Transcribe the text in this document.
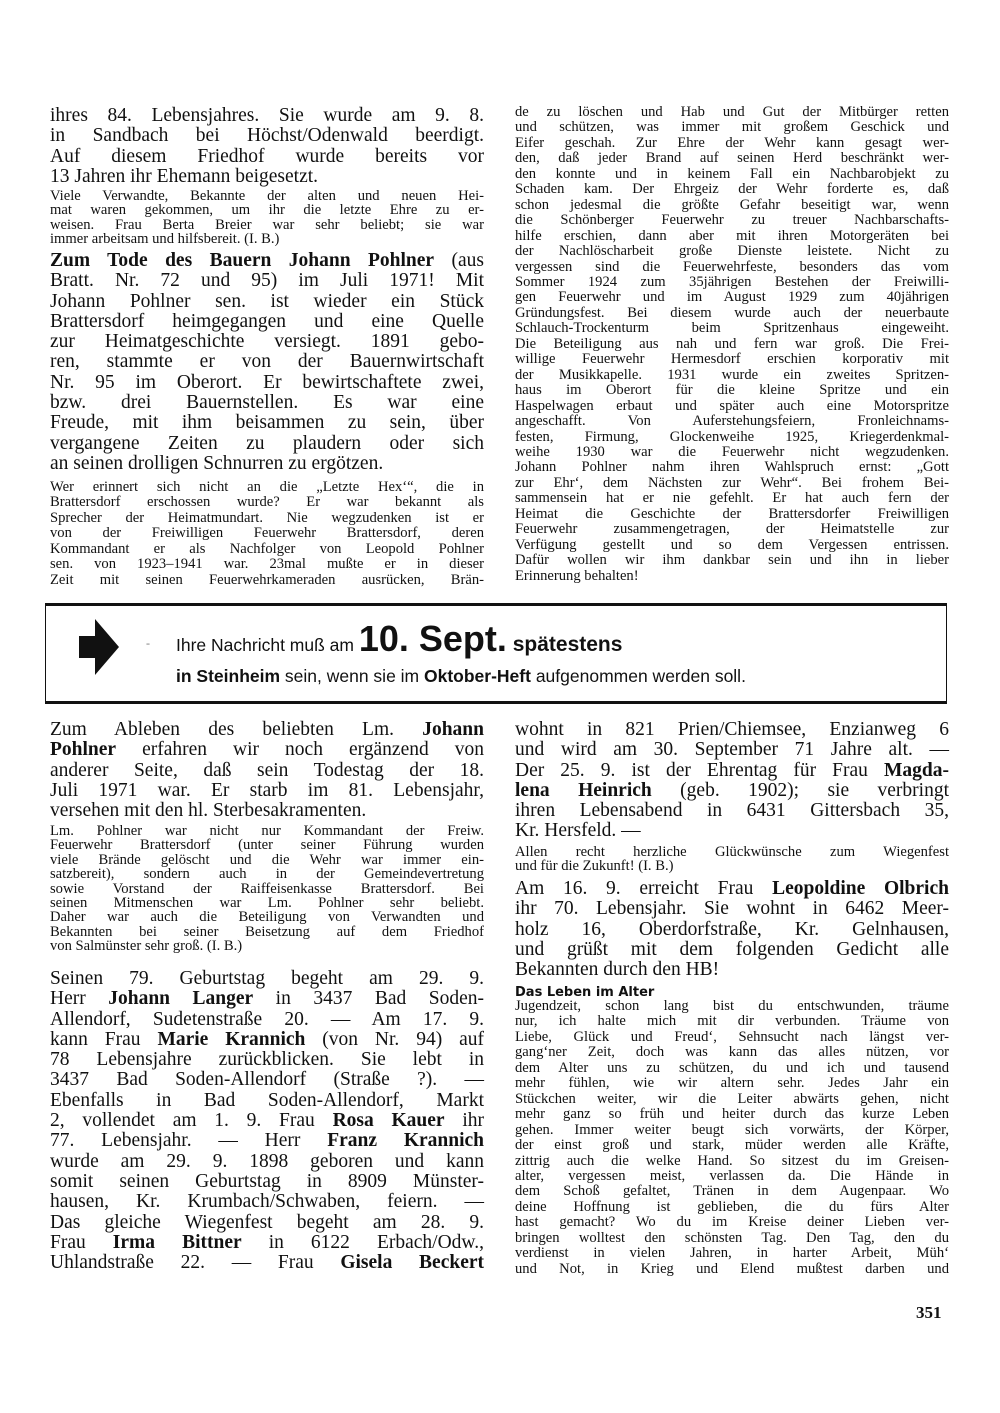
ihres 84. Lebensjahres. Sie wurde am 9. 8.
in Sandbach bei Höchst/Odenwald beerdigt.
Auf diesem Friedhof wurde bereits vor
13 Jahren ihr Ehemann beigesetzt.
Viele Verwandte, Bekannte der alten und neuen Hei-
mat waren gekommen, um ihr die letzte Ehre zu er-
weisen. Frau Berta Breier war sehr beliebt; sie war
immer arbeitsam und hilfsbereit. (I. B.)
Zum Tode des Bauern Johann Pohlner (aus
Bratt. Nr. 72 und 95) im Juli 1971! Mit
Johann Pohlner sen. ist wieder ein Stück
Brattersdorf heimgegangen und eine Quelle
zur Heimatgeschichte versiegt. 1891 gebo-
ren, stammte er von der Bauernwirtschaft
Nr. 95 im Oberort. Er bewirtschaftete zwei,
bzw. drei Bauernstellen. Es war eine
Freude, mit ihm beisammen zu sein, über
vergangene Zeiten zu plaudern oder sich
an seinen drolligen Schnurren zu ergötzen.
Wer erinnert sich nicht an die „Letzte Hex‘“, die in
Brattersdorf erschossen wurde? Er war bekannt als
Sprecher der Heimatmundart. Nie wegzudenken ist er
von der Freiwilligen Feuerwehr Brattersdorf, deren
Kommandant er als Nachfolger von Leopold Pohlner
sen. von 1923–1941 war. 23mal mußte er in dieser
Zeit mit seinen Feuerwehrkameraden ausrücken, Brän-
de zu löschen und Hab und Gut der Mitbürger retten
und schützen, was immer mit großem Geschick und
Eifer geschah. Zur Ehre der Wehr kann gesagt wer-
den, daß jeder Brand auf seinen Herd beschränkt wer-
den konnte und in keinem Fall ein Nachbarobjekt zu
Schaden kam. Der Ehrgeiz der Wehr forderte es, daß
schon jedesmal die größte Gefahr beseitigt war, wenn
die Schönberger Feuerwehr zu treuer Nachbarschafts-
hilfe erschien, dann aber mit ihren Motorgeräten bei
der Nachlöscharbeit große Dienste leistete. Nicht zu
vergessen sind die Feuerwehrfeste, besonders das vom
Sommer 1924 zum 35jährigen Bestehen der Freiwilli-
gen Feuerwehr und im August 1929 zum 40jährigen
Gründungsfest. Bei diesem wurde auch der neuerbaute
Schlauch-Trockenturm beim Spritzenhaus eingeweiht.
Die Beteiligung aus nah und fern war groß. Die Frei-
willige Feuerwehr Hermesdorf erschien korporativ mit
der Musikkapelle. 1931 wurde ein zweites Spritzen-
haus im Oberort für die kleine Spritze und ein
Haspelwagen erbaut und später auch eine Motorspritze
angeschafft. Von Auferstehungsfeiern, Fronleichnams-
festen, Firmung, Glockenweihe 1925, Kriegerdenkmal-
weihe 1930 war die Feuerwehr nicht wegzudenken.
Johann Pohlner nahm ihren Wahlspruch ernst: „Gott
zur Ehr‘, dem Nächsten zur Wehr“. Bei frohem Bei-
sammensein hat er nie gefehlt. Er hat auch fern der
Heimat die Geschichte der Brattersdorfer Freiwilligen
Feuerwehr zusammengetragen, der Heimatstelle zur
Verfügung gestellt und so dem Vergessen entrissen.
Dafür wollen wir ihm dankbar sein und ihn in lieber
Erinnerung behalten!
- Ihre Nachricht muß am 10. Sept. spätestens
in Steinheim sein, wenn sie im Oktober-Heft aufgenommen werden soll.
Zum Ableben des beliebten Lm. Johann
Pohlner erfahren wir noch ergänzend von
anderer Seite, daß sein Todestag der 18.
Juli 1971 war. Er starb im 81. Lebensjahr,
versehen mit den hl. Sterbesakramenten.
Lm. Pohlner war nicht nur Kommandant der Freiw.
Feuerwehr Brattersdorf (unter seiner Führung wurden
viele Brände gelöscht und die Wehr war immer ein-
satzbereit), sondern auch in der Gemeindevertretung
sowie Vorstand der Raiffeisenkasse Brattersdorf. Bei
seinen Mitmenschen war Lm. Pohlner sehr beliebt.
Daher war auch die Beteiligung von Verwandten und
Bekannten bei seiner Beisetzung auf dem Friedhof
von Salmünster sehr groß. (I. B.)
Seinen 79. Geburtstag begeht am 29. 9.
Herr Johann Langer in 3437 Bad Soden-
Allendorf, Sudetenstraße 20. — Am 17. 9.
kann Frau Marie Krannich (von Nr. 94) auf
78 Lebensjahre zurückblicken. Sie lebt in
3437 Bad Soden-Allendorf (Straße ?). —
Ebenfalls in Bad Soden-Allendorf, Markt
2, vollendet am 1. 9. Frau Rosa Kauer ihr
77. Lebensjahr. — Herr Franz Krannich
wurde am 29. 9. 1898 geboren und kann
somit seinen Geburtstag in 8909 Münster-
hausen, Kr. Krumbach/Schwaben, feiern. —
Das gleiche Wiegenfest begeht am 28. 9.
Frau Irma Bittner in 6122 Erbach/Odw.,
Uhlandstraße 22. — Frau Gisela Beckert
wohnt in 821 Prien/Chiemsee, Enzianweg 6
und wird am 30. September 71 Jahre alt. —
Der 25. 9. ist der Ehrentag für Frau Magda-
lena Heinrich (geb. 1902); sie verbringt
ihren Lebensabend in 6431 Gittersbach 35,
Kr. Hersfeld. —
Allen recht herzliche Glückwünsche zum Wiegenfest
und für die Zukunft! (I. B.)
Am 16. 9. erreicht Frau Leopoldine Olbrich
ihr 70. Lebensjahr. Sie wohnt in 6462 Meer-
holz 16, Oberdorfstraße, Kr. Gelnhausen,
und grüßt mit dem folgenden Gedicht alle
Bekannten durch den HB!
Das Leben im Alter
Jugendzeit, schon lang bist du entschwunden, träume
nur, ich halte mich mit dir verbunden. Träume von
Liebe, Glück und Freud‘, Sehnsucht nach längst ver-
gang‘ner Zeit, doch was kann das alles nützen, vor
dem Alter uns zu schützen, du und ich und tausend
mehr fühlen, wie wir altern sehr. Jedes Jahr ein
Stückchen weiter, wir die Leiter abwärts gehen, nicht
mehr ganz so früh und heiter durch das kurze Leben
gehen. Immer weiter beugt sich vorwärts, der Körper,
der einst groß und stark, müder werden alle Kräfte,
zittrig auch die welke Hand. So sitzest du im Greisen-
alter, vergessen meist, verlassen da. Die Hände in
dem Schoß gefaltet, Tränen in dem Augenpaar. Wo
deine Hoffnung ist geblieben, die du fürs Alter
hast gemacht? Wo du im Kreise deiner Lieben ver-
bringen wolltest den schönsten Tag. Den Tag, den du
verdienst in vielen Jahren, in harter Arbeit, Müh‘
und Not, in Krieg und Elend mußtest darben und
351
